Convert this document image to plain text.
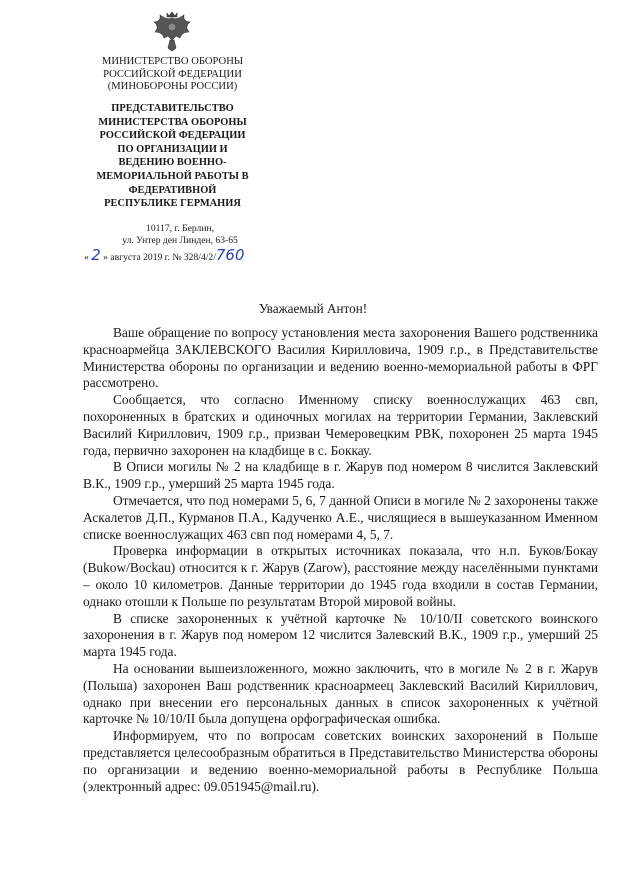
МИНИСТЕРСТВО ОБОРОНЫ
РОССИЙСКОЙ ФЕДЕРАЦИИ
(МИНОБОРОНЫ РОССИИ)
ПРЕДСТАВИТЕЛЬСТВО
МИНИСТЕРСТВА ОБОРОНЫ
РОССИЙСКОЙ ФЕДЕРАЦИИ
ПО ОРГАНИЗАЦИИ И
ВЕДЕНИЮ ВОЕННО-
МЕМОРИАЛЬНОЙ РАБОТЫ В
ФЕДЕРАТИВНОЙ
РЕСПУБЛИКЕ ГЕРМАНИЯ
10117, г. Берлин,
ул. Унтер ден Линден, 63-65
« 2 » августа 2019 г. № 328/4/2/760
Уважаемый Антон!

Ваше обращение по вопросу установления места захоронения Вашего родственника красноармейца ЗАКЛЕВСКОГО Василия Кирилловича, 1909 г.р., в Представительстве Министерства обороны по организации и ведению военно-мемориальной работы в ФРГ рассмотрено.

Сообщается, что согласно Именному списку военнослужащих 463 свп, похороненных в братских и одиночных могилах на территории Германии, Заклевский Василий Кириллович, 1909 г.р., призван Чемеровецким РВК, похоронен 25 марта 1945 года, первично захоронен на кладбище в с. Боккау.

В Описи могилы № 2 на кладбище в г. Жарув под номером 8 числится Заклевский В.К., 1909 г.р., умерший 25 марта 1945 года.

Отмечается, что под номерами 5, 6, 7 данной Описи в могиле № 2 захоронены также Аскалетов Д.П., Курманов П.А., Кадученко А.Е., числящиеся в вышеуказанном Именном списке военнослужащих 463 свп под номерами 4, 5, 7.

Проверка информации в открытых источниках показала, что н.п. Буков/Бокау (Bukow/Bockau) относится к г. Жарув (Zarow), расстояние между населёнными пунктами – около 10 километров. Данные территории до 1945 года входили в состав Германии, однако отошли к Польше по результатам Второй мировой войны.

В списке захороненных к учётной карточке № 10/10/II советского воинского захоронения в г. Жарув под номером 12 числится Залевский В.К., 1909 г.р., умерший 25 марта 1945 года.

На основании вышеизложенного, можно заключить, что в могиле № 2 в г. Жарув (Польша) захоронен Ваш родственник красноармеец Заклевский Василий Кириллович, однако при внесении его персональных данных в список захороненных к учётной карточке № 10/10/II была допущена орфографическая ошибка.

Информируем, что по вопросам советских воинских захоронений в Польше представляется целесообразным обратиться в Представительство Министерства обороны по организации и ведению военно-мемориальной работы в Республике Польша (электронный адрес: 09.051945@mail.ru).
